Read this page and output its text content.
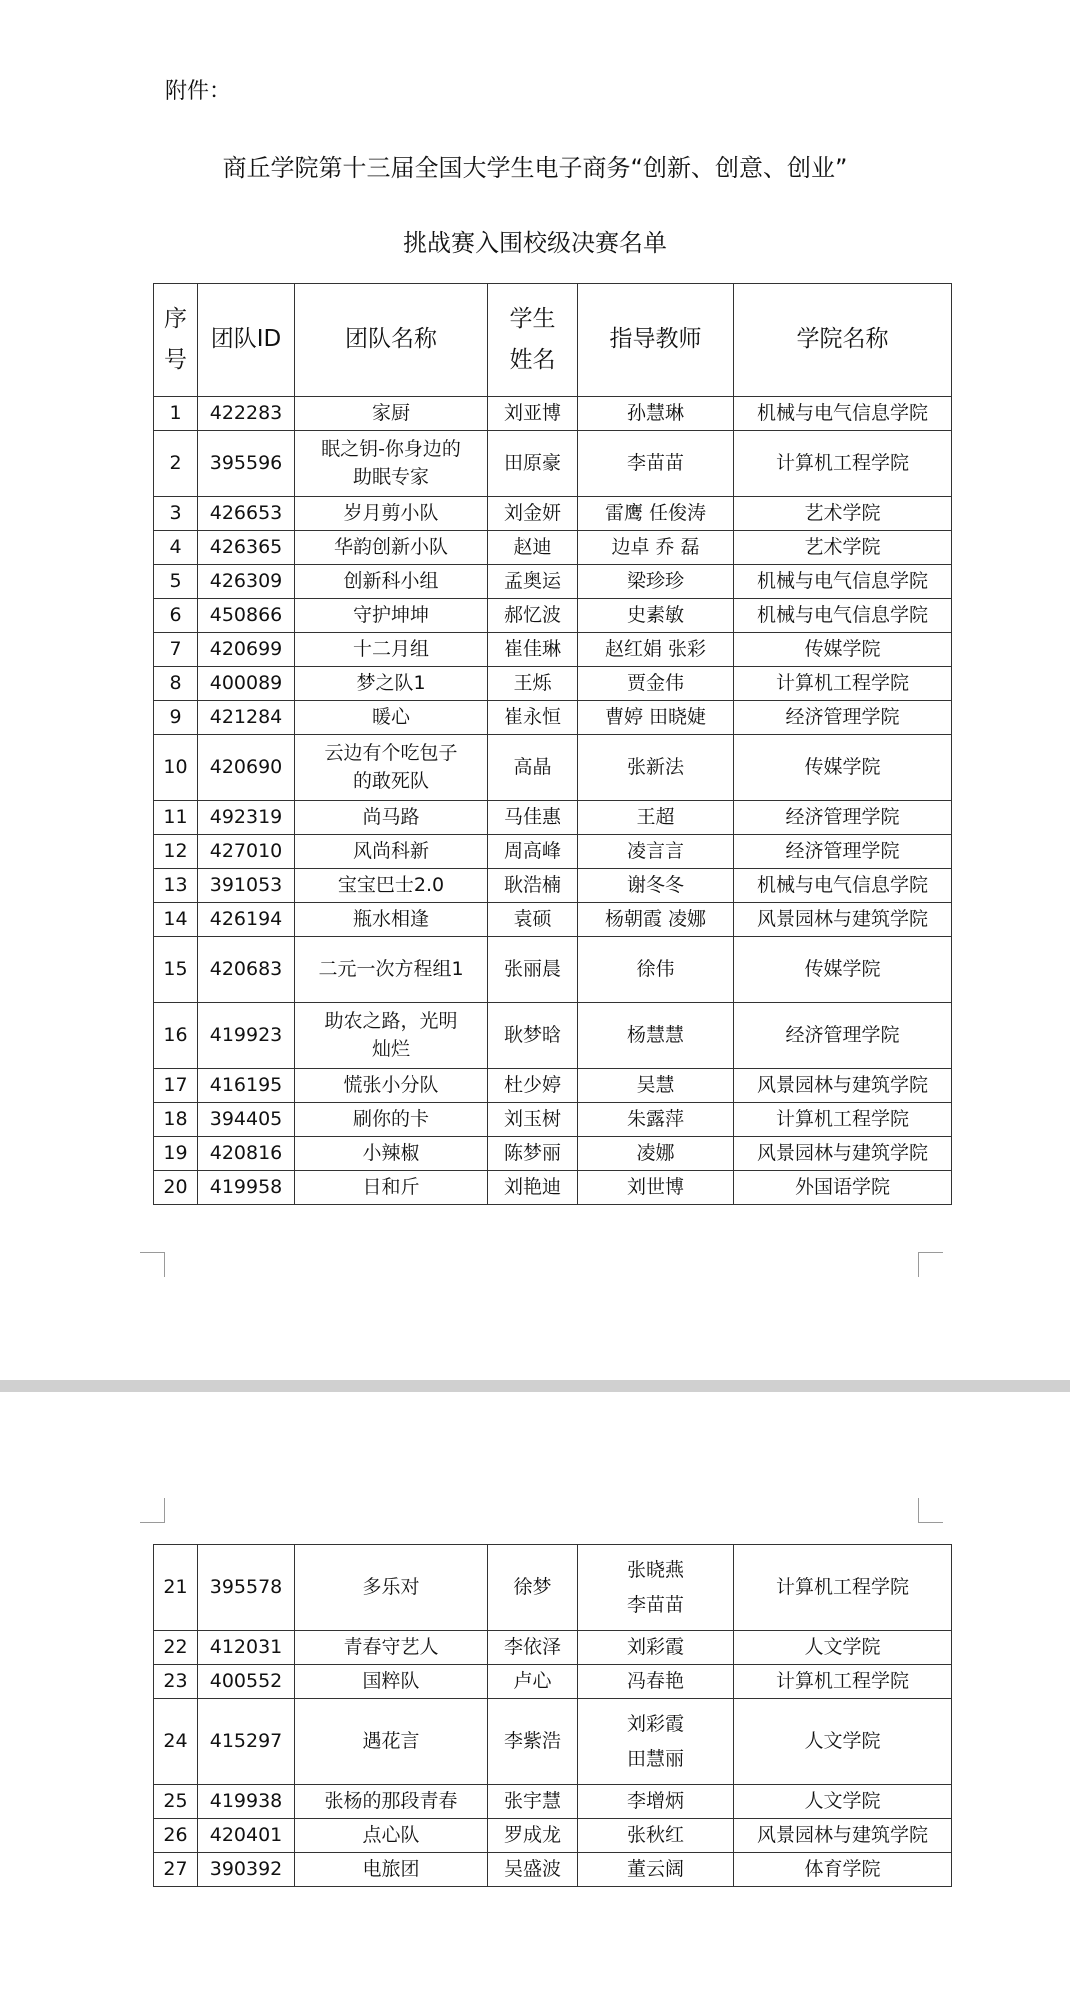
附件：
商丘学院第十三届全国大学生电子商务“创新、创意、创业”
挑战赛入围校级决赛名单
序
号	团队ID	团队名称	学生
姓名	指导教师	学院名称
1	422283	家厨	刘亚博	孙慧琳	机械与电气信息学院
2	395596	眠之钥-你身边的
助眠专家	田原豪	李苗苗	计算机工程学院
3	426653	岁月剪小队	刘金妍	雷鹰 任俊涛	艺术学院
4	426365	华韵创新小队	赵迪	边卓 乔 磊	艺术学院
5	426309	创新科小组	孟奥运	梁珍珍	机械与电气信息学院
6	450866	守护坤坤	郝忆波	史素敏	机械与电气信息学院
7	420699	十二月组	崔佳琳	赵红娟 张彩	传媒学院
8	400089	梦之队1	王烁	贾金伟	计算机工程学院
9	421284	暖心	崔永恒	曹婷 田晓婕	经济管理学院
10	420690	云边有个吃包子
的敢死队	高晶	张新法	传媒学院
11	492319	尚马路	马佳惠	王超	经济管理学院
12	427010	风尚科新	周高峰	凌言言	经济管理学院
13	391053	宝宝巴士2.0	耿浩楠	谢冬冬	机械与电气信息学院
14	426194	瓶水相逢	袁硕	杨朝霞 凌娜	风景园林与建筑学院
15	420683	二元一次方程组1	张丽晨	徐伟	传媒学院
16	419923	助农之路，光明
灿烂	耿梦晗	杨慧慧	经济管理学院
17	416195	慌张小分队	杜少婷	吴慧	风景园林与建筑学院
18	394405	刷你的卡	刘玉树	朱露萍	计算机工程学院
19	420816	小辣椒	陈梦丽	凌娜	风景园林与建筑学院
20	419958	日和斤	刘艳迪	刘世博	外国语学院
21	395578	多乐对	徐梦	张晓燕
李苗苗	计算机工程学院
22	412031	青春守艺人	李依泽	刘彩霞	人文学院
23	400552	国粹队	卢心	冯春艳	计算机工程学院
24	415297	遇花言	李紫浩	刘彩霞
田慧丽	人文学院
25	419938	张杨的那段青春	张宇慧	李增炳	人文学院
26	420401	点心队	罗成龙	张秋红	风景园林与建筑学院
27	390392	电旅团	吴盛波	董云阔	体育学院
